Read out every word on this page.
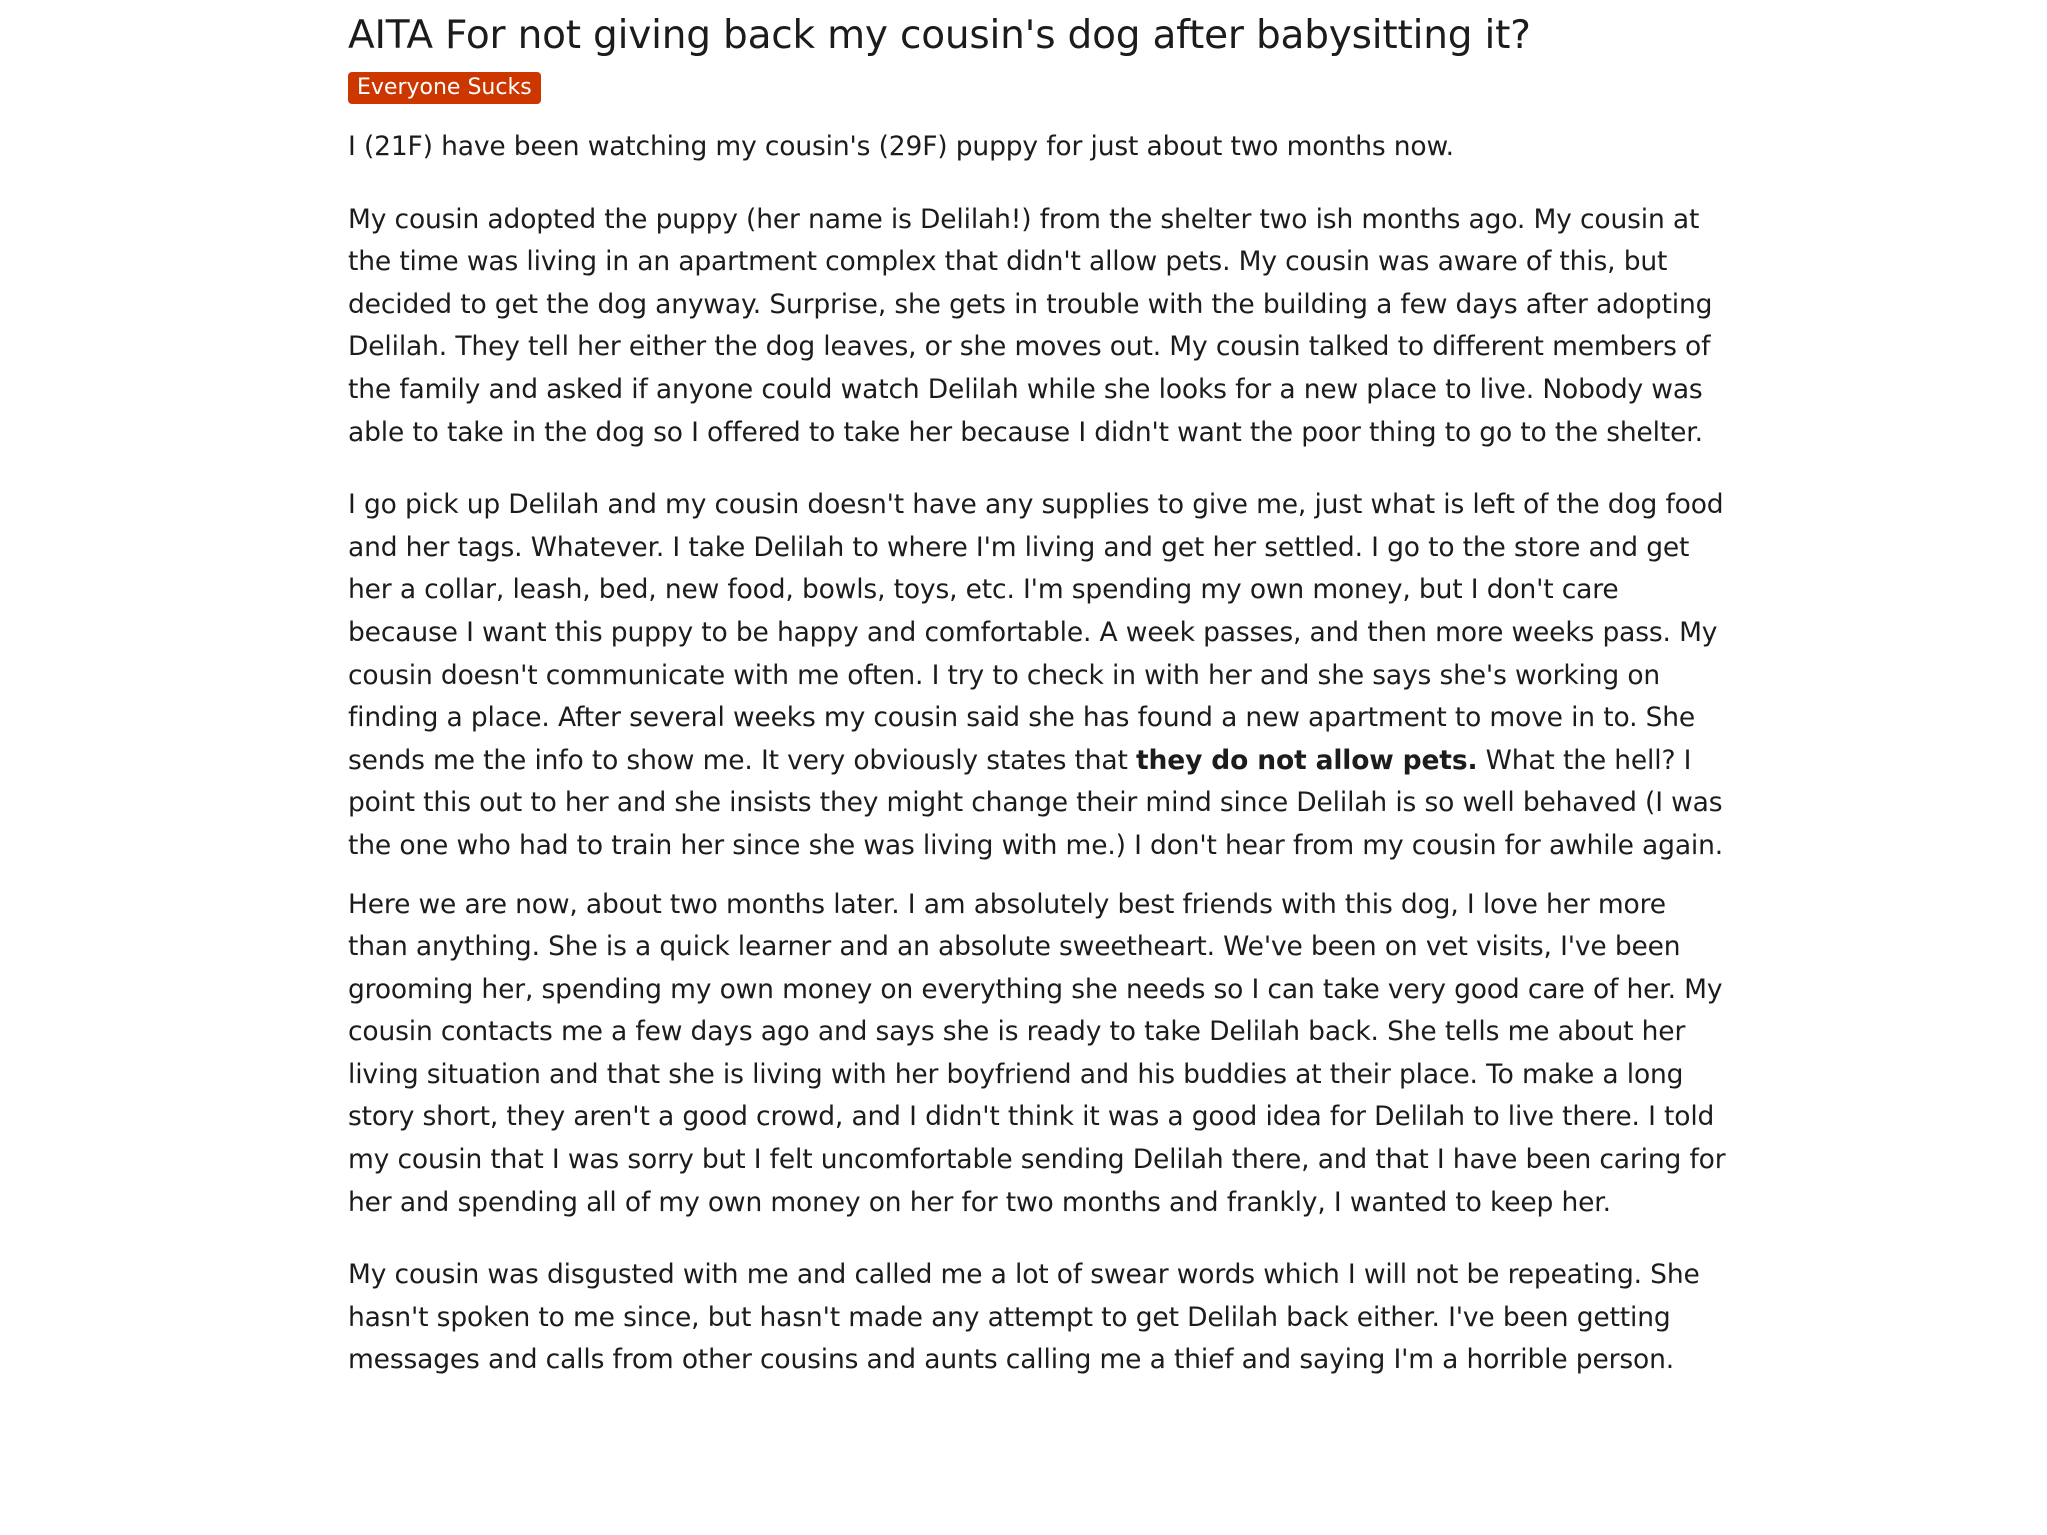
AITA For not giving back my cousin's dog after babysitting it?
Everyone Sucks

I (21F) have been watching my cousin's (29F) puppy for just about two months now.

My cousin adopted the puppy (her name is Delilah!) from the shelter two ish months ago. My cousin at the time was living in an apartment complex that didn't allow pets. My cousin was aware of this, but decided to get the dog anyway. Surprise, she gets in trouble with the building a few days after adopting Delilah. They tell her either the dog leaves, or she moves out. My cousin talked to different members of the family and asked if anyone could watch Delilah while she looks for a new place to live. Nobody was able to take in the dog so I offered to take her because I didn't want the poor thing to go to the shelter.

I go pick up Delilah and my cousin doesn't have any supplies to give me, just what is left of the dog food and her tags. Whatever. I take Delilah to where I'm living and get her settled. I go to the store and get her a collar, leash, bed, new food, bowls, toys, etc. I'm spending my own money, but I don't care because I want this puppy to be happy and comfortable. A week passes, and then more weeks pass. My cousin doesn't communicate with me often. I try to check in with her and she says she's working on finding a place. After several weeks my cousin said she has found a new apartment to move in to. She sends me the info to show me. It very obviously states that they do not allow pets. What the hell? I point this out to her and she insists they might change their mind since Delilah is so well behaved (I was the one who had to train her since she was living with me.) I don't hear from my cousin for awhile again.

Here we are now, about two months later. I am absolutely best friends with this dog, I love her more than anything. She is a quick learner and an absolute sweetheart. We've been on vet visits, I've been grooming her, spending my own money on everything she needs so I can take very good care of her. My cousin contacts me a few days ago and says she is ready to take Delilah back. She tells me about her living situation and that she is living with her boyfriend and his buddies at their place. To make a long story short, they aren't a good crowd, and I didn't think it was a good idea for Delilah to live there. I told my cousin that I was sorry but I felt uncomfortable sending Delilah there, and that I have been caring for her and spending all of my own money on her for two months and frankly, I wanted to keep her.

My cousin was disgusted with me and called me a lot of swear words which I will not be repeating. She hasn't spoken to me since, but hasn't made any attempt to get Delilah back either. I've been getting messages and calls from other cousins and aunts calling me a thief and saying I'm a horrible person.
